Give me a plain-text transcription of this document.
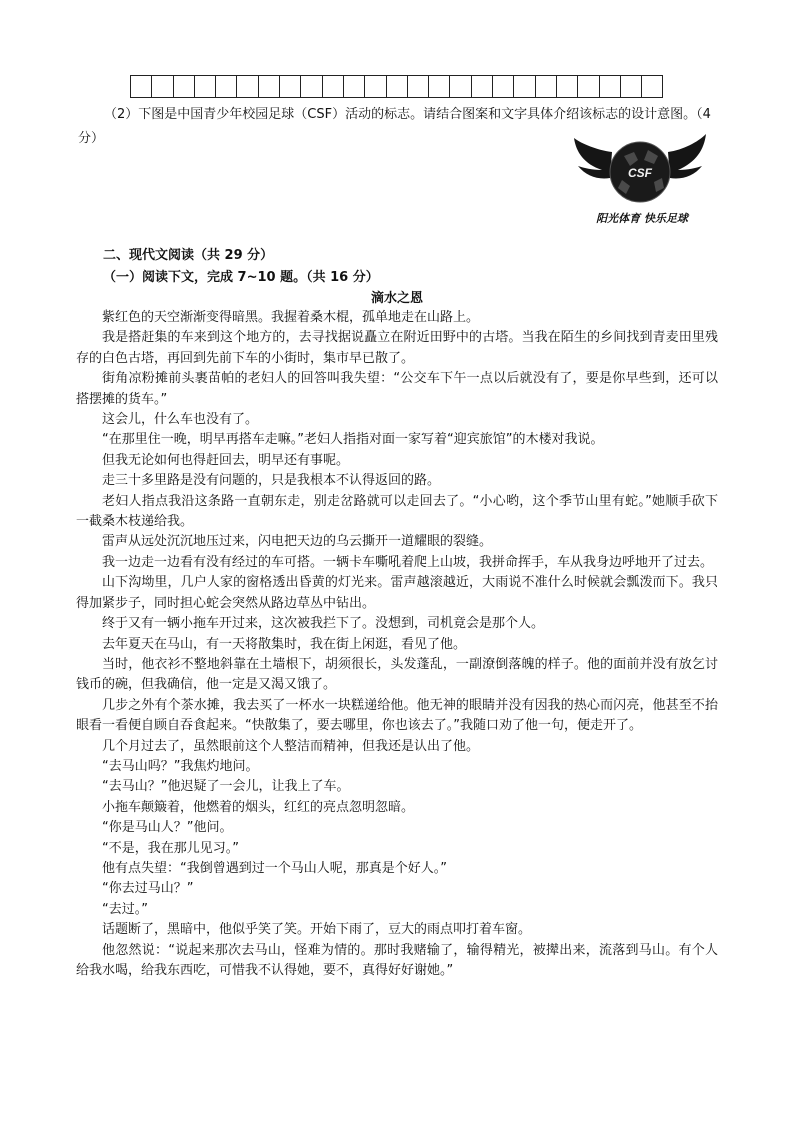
（2）下图是中国青少年校园足球（CSF）活动的标志。请结合图案和文字具体介绍该标志的设计意图。（4分）

CSF
阳光体育 快乐足球

二、现代文阅读（共 29 分）

（一）阅读下文，完成 7~10 题。（共 16 分）

滴水之恩

紫红色的天空渐渐变得暗黑。我握着桑木棍，孤单地走在山路上。

我是搭赶集的车来到这个地方的，去寻找据说矗立在附近田野中的古塔。当我在陌生的乡间找到青麦田里残存的白色古塔，再回到先前下车的小街时，集市早已散了。

街角凉粉摊前头裹苗帕的老妇人的回答叫我失望：“公交车下午一点以后就没有了，要是你早些到，还可以搭摆摊的货车。”

这会儿，什么车也没有了。

“在那里住一晚，明早再搭车走嘛。”老妇人指指对面一家写着“迎宾旅馆”的木楼对我说。

但我无论如何也得赶回去，明早还有事呢。

走三十多里路是没有问题的，只是我根本不认得返回的路。

老妇人指点我沿这条路一直朝东走，别走岔路就可以走回去了。“小心哟，这个季节山里有蛇。”她顺手砍下一截桑木枝递给我。

雷声从远处沉沉地压过来，闪电把天边的乌云撕开一道耀眼的裂缝。

我一边走一边看有没有经过的车可搭。一辆卡车嘶吼着爬上山坡，我拼命挥手，车从我身边呼地开了过去。

山下沟坳里，几户人家的窗格透出昏黄的灯光来。雷声越滚越近，大雨说不准什么时候就会瓢泼而下。我只得加紧步子，同时担心蛇会突然从路边草丛中钻出。

终于又有一辆小拖车开过来，这次被我拦下了。没想到，司机竟会是那个人。

去年夏天在马山，有一天将散集时，我在街上闲逛，看见了他。

当时，他衣衫不整地斜靠在土墙根下，胡须很长，头发蓬乱，一副潦倒落魄的样子。他的面前并没有放乞讨钱币的碗，但我确信，他一定是又渴又饿了。

几步之外有个茶水摊，我去买了一杯水一块糕递给他。他无神的眼睛并没有因我的热心而闪亮，他甚至不抬眼看一看便自顾自吞食起来。“快散集了，要去哪里，你也该去了。”我随口劝了他一句，便走开了。

几个月过去了，虽然眼前这个人整洁而精神，但我还是认出了他。

“去马山吗？”我焦灼地问。

“去马山？”他迟疑了一会儿，让我上了车。

小拖车颠簸着，他燃着的烟头，红红的亮点忽明忽暗。

“你是马山人？”他问。

“不是，我在那儿见习。”

他有点失望：“我倒曾遇到过一个马山人呢，那真是个好人。”

“你去过马山？”

“去过。”

话题断了，黑暗中，他似乎笑了笑。开始下雨了，豆大的雨点叩打着车窗。

他忽然说：“说起来那次去马山，怪难为情的。那时我赌输了，输得精光，被撵出来，流落到马山。有个人给我水喝，给我东西吃，可惜我不认得她，要不，真得好好谢她。”
